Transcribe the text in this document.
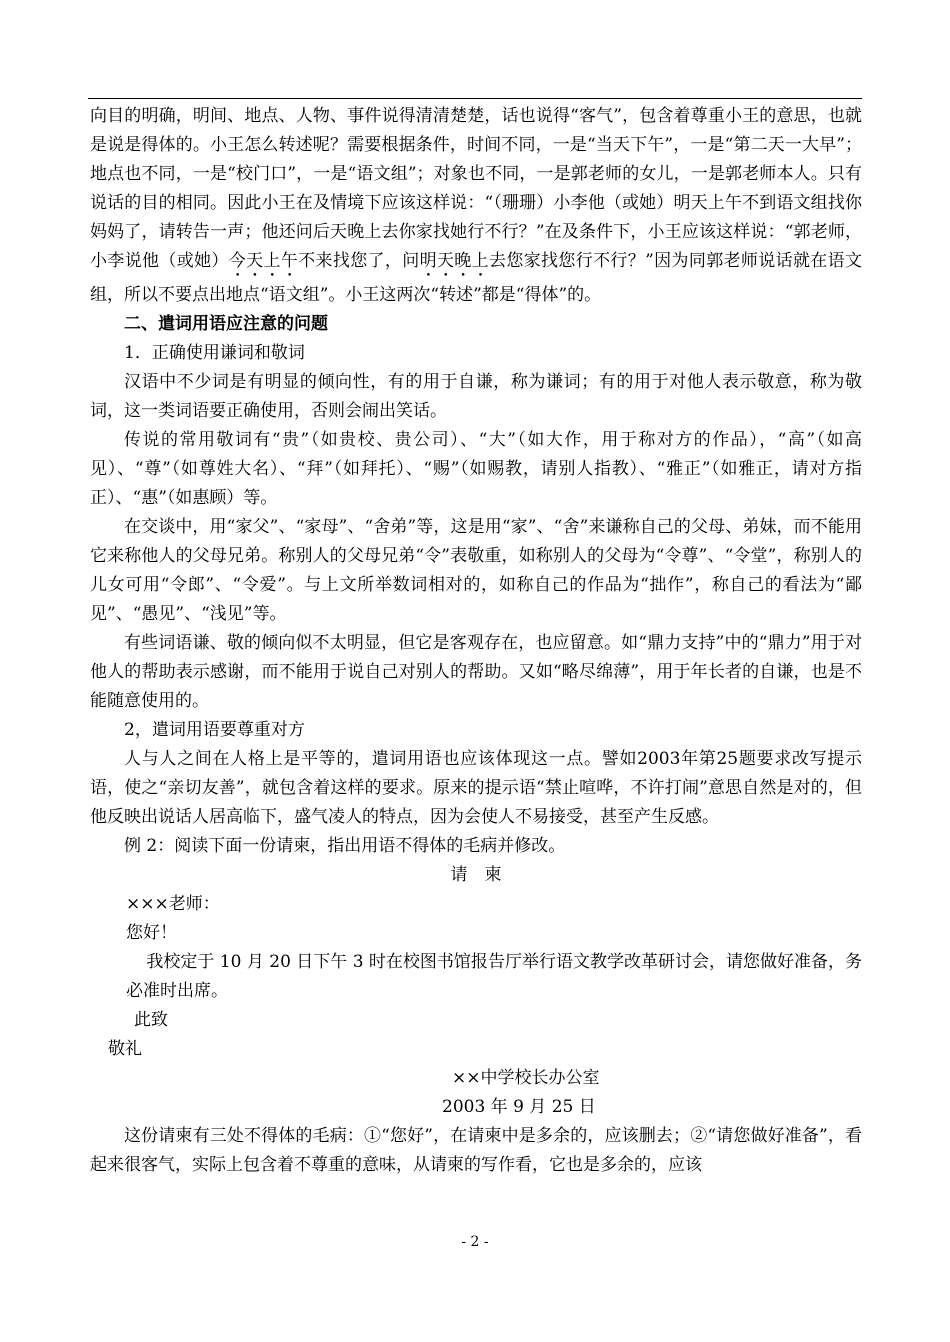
向目的明确，明间、地点、人物、事件说得清清楚楚，话也说得“客气”，包含着尊重小王的意思，也就是说是得体的。小王怎么转述呢？需要根据条件，时间不同，一是“当天下午”，一是“第二天一大早”；地点也不同，一是“校门口”，一是“语文组”；对象也不同，一是郭老师的女儿，一是郭老师本人。只有说话的目的相同。因此小王在及情境下应该这样说：“（珊珊）小李他（或她）明天上午不到语文组找你妈妈了，请转告一声；他还问后天晚上去你家找她行不行？”在及条件下，小王应该这样说：“郭老师，小李说他（或她）今天上午不来找您了，问明天晚上去您家找您行不行？”因为同郭老师说话就在语文组，所以不要点出地点“语文组”。小王这两次“转述”都是“得体”的。

二、遣词用语应注意的问题

1．正确使用谦词和敬词

汉语中不少词是有明显的倾向性，有的用于自谦，称为谦词；有的用于对他人表示敬意，称为敬词，这一类词语要正确使用，否则会闹出笑话。

传说的常用敬词有“贵”（如贵校、贵公司）、“大”（如大作，用于称对方的作品），“高”（如高见）、“尊”（如尊姓大名）、“拜”（如拜托）、“赐”（如赐教，请别人指教）、“雅正”（如雅正，请对方指正）、“惠”（如惠顾）等。

在交谈中，用“家父”、“家母”、“舍弟”等，这是用“家”、“舍”来谦称自己的父母、弟妹，而不能用它来称他人的父母兄弟。称别人的父母兄弟“令”表敬重，如称别人的父母为“令尊”、“令堂”，称别人的儿女可用“令郎”、“令爱”。与上文所举数词相对的，如称自己的作品为“拙作”，称自己的看法为“鄙见”、“愚见”、“浅见”等。

有些词语谦、敬的倾向似不太明显，但它是客观存在，也应留意。如“鼎力支持”中的“鼎力”用于对他人的帮助表示感谢，而不能用于说自己对别人的帮助。又如“略尽绵薄”，用于年长者的自谦，也是不能随意使用的。

2，遣词用语要尊重对方

人与人之间在人格上是平等的，遣词用语也应该体现这一点。譬如2003年第25题要求改写提示语，使之“亲切友善”，就包含着这样的要求。原来的提示语“禁止喧哗，不许打闹”意思自然是对的，但他反映出说话人居高临下，盛气凌人的特点，因为会使人不易接受，甚至产生反感。

例 2：阅读下面一份请柬，指出用语不得体的毛病并修改。

请　柬

×××老师：

您好！

我校定于 10 月 20 日下午 3 时在校图书馆报告厅举行语文教学改革研讨会，请您做好准备，务必准时出席。

此致

敬礼

××中学校长办公室

2003 年 9 月 25 日

这份请柬有三处不得体的毛病：①“您好”，在请柬中是多余的，应该删去；②“请您做好准备”，看起来很客气，实际上包含着不尊重的意味，从请柬的写作看，它也是多余的，应该

- 2 -
